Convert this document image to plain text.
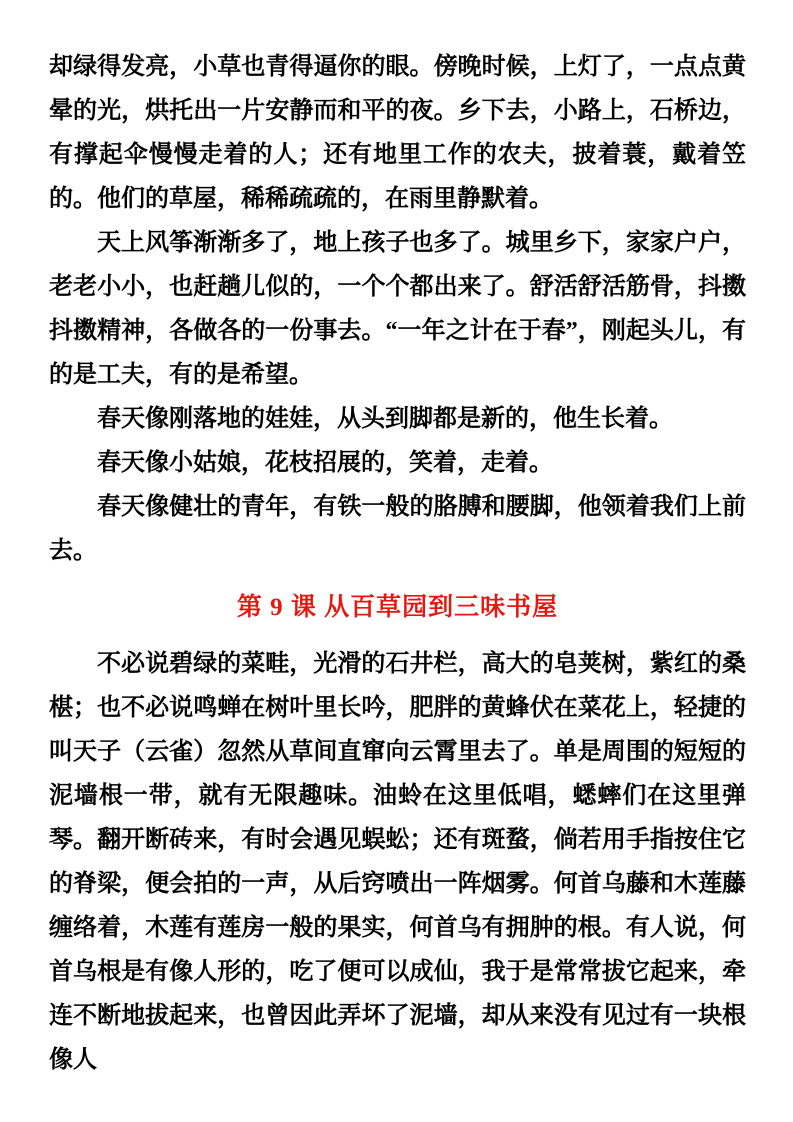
却绿得发亮，小草也青得逼你的眼。傍晚时候，上灯了，一点点黄晕的光，烘托出一片安静而和平的夜。乡下去，小路上，石桥边，有撑起伞慢慢走着的人；还有地里工作的农夫，披着蓑，戴着笠的。他们的草屋，稀稀疏疏的，在雨里静默着。

天上风筝渐渐多了，地上孩子也多了。城里乡下，家家户户，老老小小，也赶趟儿似的，一个个都出来了。舒活舒活筋骨，抖擞抖擞精神，各做各的一份事去。“一年之计在于春”，刚起头儿，有的是工夫，有的是希望。

春天像刚落地的娃娃，从头到脚都是新的，他生长着。

春天像小姑娘，花枝招展的，笑着，走着。

春天像健壮的青年，有铁一般的胳膊和腰脚，他领着我们上前去。

第 9 课 从百草园到三味书屋

不必说碧绿的菜畦，光滑的石井栏，高大的皂荚树，紫红的桑椹；也不必说鸣蝉在树叶里长吟，肥胖的黄蜂伏在菜花上，轻捷的叫天子（云雀）忽然从草间直窜向云霄里去了。单是周围的短短的泥墙根一带，就有无限趣味。油蛉在这里低唱，蟋蟀们在这里弹琴。翻开断砖来，有时会遇见蜈蚣；还有斑蝥，倘若用手指按住它的脊梁，便会拍的一声，从后窍喷出一阵烟雾。何首乌藤和木莲藤缠络着，木莲有莲房一般的果实，何首乌有拥肿的根。有人说，何首乌根是有像人形的，吃了便可以成仙，我于是常常拔它起来，牵连不断地拔起来，也曾因此弄坏了泥墙，却从来没有见过有一块根像人
